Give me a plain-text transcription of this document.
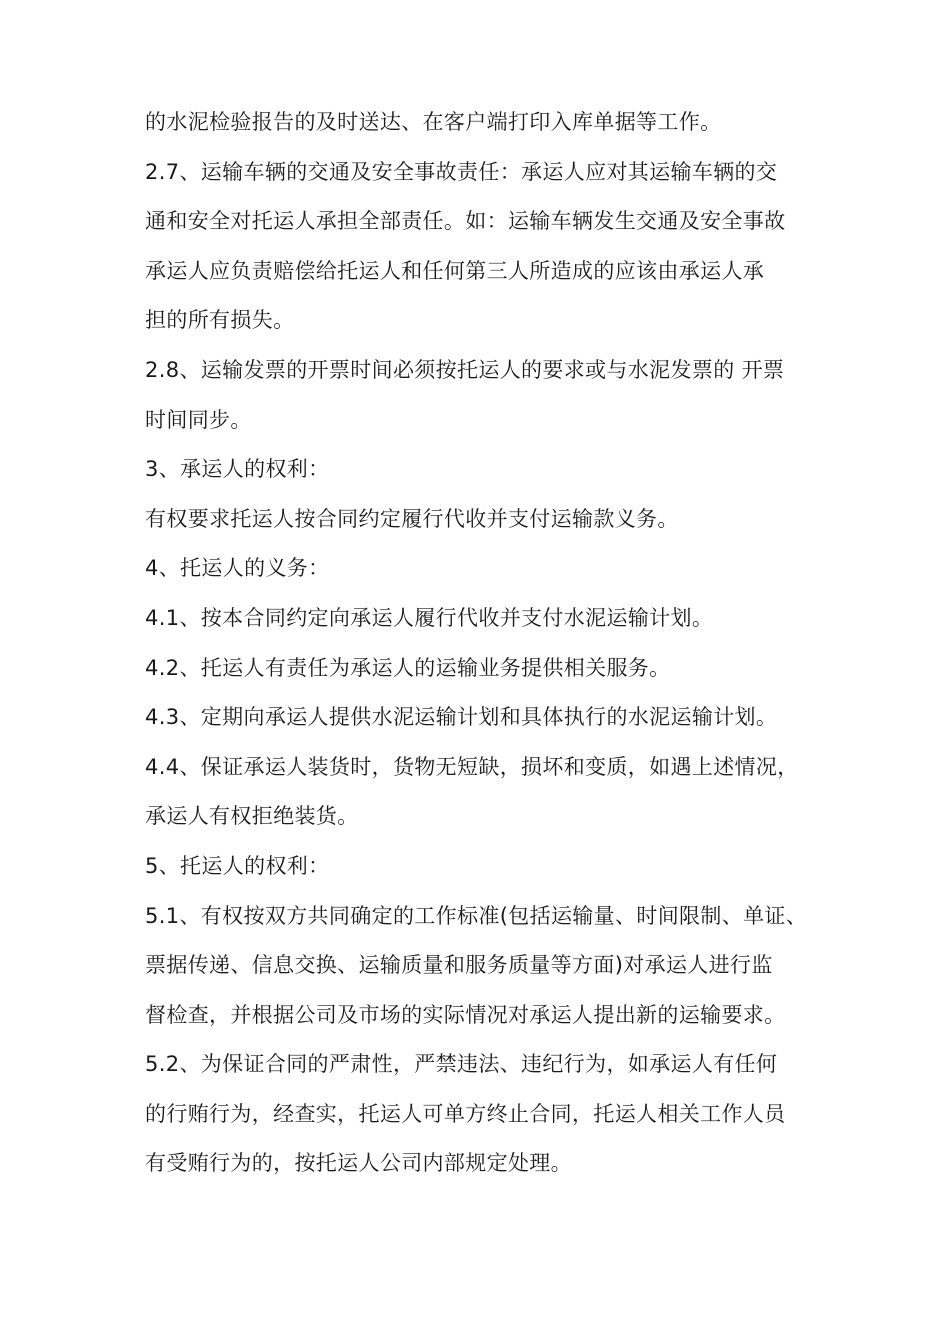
的水泥检验报告的及时送达、在客户端打印入库单据等工作。
2.7、运输车辆的交通及安全事故责任：承运人应对其运输车辆的交
通和安全对托运人承担全部责任。如：运输车辆发生交通及安全事故
承运人应负责赔偿给托运人和任何第三人所造成的应该由承运人承
担的所有损失。
2.8、运输发票的开票时间必须按托运人的要求或与水泥发票的 开票
时间同步。
3、承运人的权利：
有权要求托运人按合同约定履行代收并支付运输款义务。
4、托运人的义务：
4.1、按本合同约定向承运人履行代收并支付水泥运输计划。
4.2、托运人有责任为承运人的运输业务提供相关服务。
4.3、定期向承运人提供水泥运输计划和具体执行的水泥运输计划。
4.4、保证承运人装货时，货物无短缺，损坏和变质，如遇上述情况，
承运人有权拒绝装货。
5、托运人的权利：
5.1、有权按双方共同确定的工作标准(包括运输量、时间限制、单证、
票据传递、信息交换、运输质量和服务质量等方面)对承运人进行监
督检查，并根据公司及市场的实际情况对承运人提出新的运输要求。
5.2、为保证合同的严肃性，严禁违法、违纪行为，如承运人有任何
的行贿行为，经查实，托运人可单方终止合同，托运人相关工作人员
有受贿行为的，按托运人公司内部规定处理。
